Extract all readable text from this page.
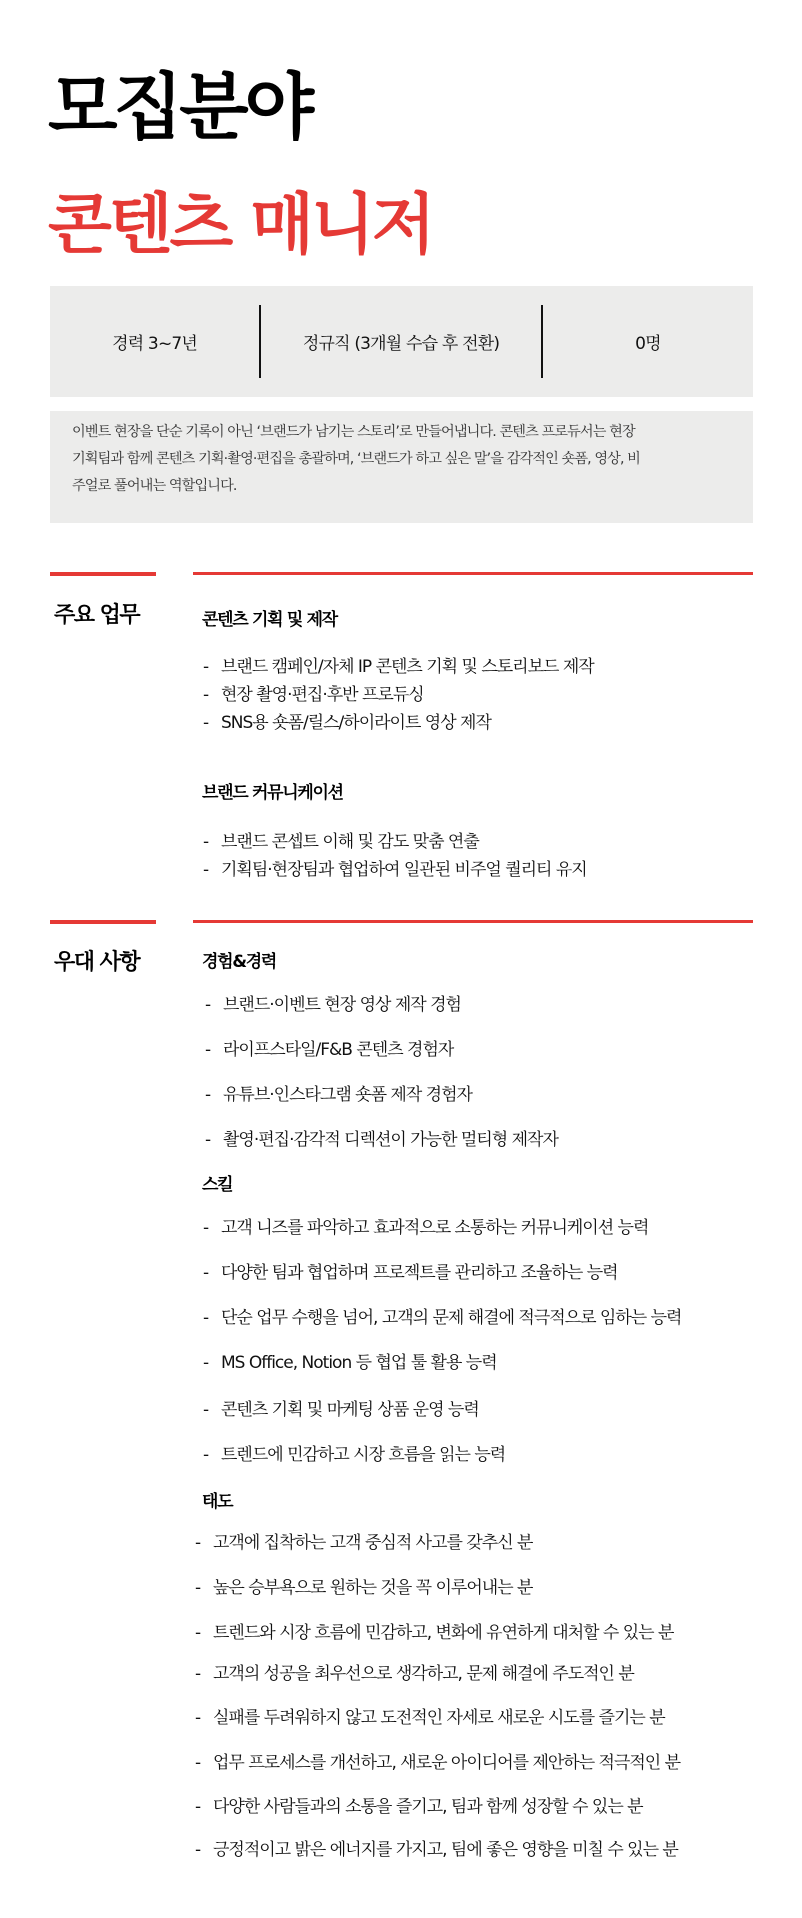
모집분야
콘텐츠 매니저
경력 3~7년	정규직 (3개월 수습 후 전환)	0명
이벤트 현장을 단순 기록이 아닌 ‘브랜드가 남기는 스토리’로 만들어냅니다. 콘텐츠 프로듀서는 현장
기획팀과 함께 콘텐츠 기획·촬영·편집을 총괄하며, ‘브랜드가 하고 싶은 말’을 감각적인 숏폼, 영상, 비
주얼로 풀어내는 역할입니다.
주요 업무	콘텐츠 기획 및 제작
- 브랜드 캠페인/자체 IP 콘텐츠 기획 및 스토리보드 제작
- 현장 촬영·편집·후반 프로듀싱
- SNS용 숏폼/릴스/하이라이트 영상 제작
브랜드 커뮤니케이션
- 브랜드 콘셉트 이해 및 감도 맞춤 연출
- 기획팀·현장팀과 협업하여 일관된 비주얼 퀄리티 유지
우대 사항	경험&경력
- 브랜드·이벤트 현장 영상 제작 경험
- 라이프스타일/F&B 콘텐츠 경험자
- 유튜브·인스타그램 숏폼 제작 경험자
- 촬영·편집·감각적 디렉션이 가능한 멀티형 제작자
스킬
- 고객 니즈를 파악하고 효과적으로 소통하는 커뮤니케이션 능력
- 다양한 팀과 협업하며 프로젝트를 관리하고 조율하는 능력
- 단순 업무 수행을 넘어, 고객의 문제 해결에 적극적으로 임하는 능력
- MS Office, Notion 등 협업 툴 활용 능력
- 콘텐츠 기획 및 마케팅 상품 운영 능력
- 트렌드에 민감하고 시장 흐름을 읽는 능력
태도
- 고객에 집착하는 고객 중심적 사고를 갖추신 분
- 높은 승부욕으로 원하는 것을 꼭 이루어내는 분
- 트렌드와 시장 흐름에 민감하고, 변화에 유연하게 대처할 수 있는 분
- 고객의 성공을 최우선으로 생각하고, 문제 해결에 주도적인 분
- 실패를 두려워하지 않고 도전적인 자세로 새로운 시도를 즐기는 분
- 업무 프로세스를 개선하고, 새로운 아이디어를 제안하는 적극적인 분
- 다양한 사람들과의 소통을 즐기고, 팀과 함께 성장할 수 있는 분
- 긍정적이고 밝은 에너지를 가지고, 팀에 좋은 영향을 미칠 수 있는 분
